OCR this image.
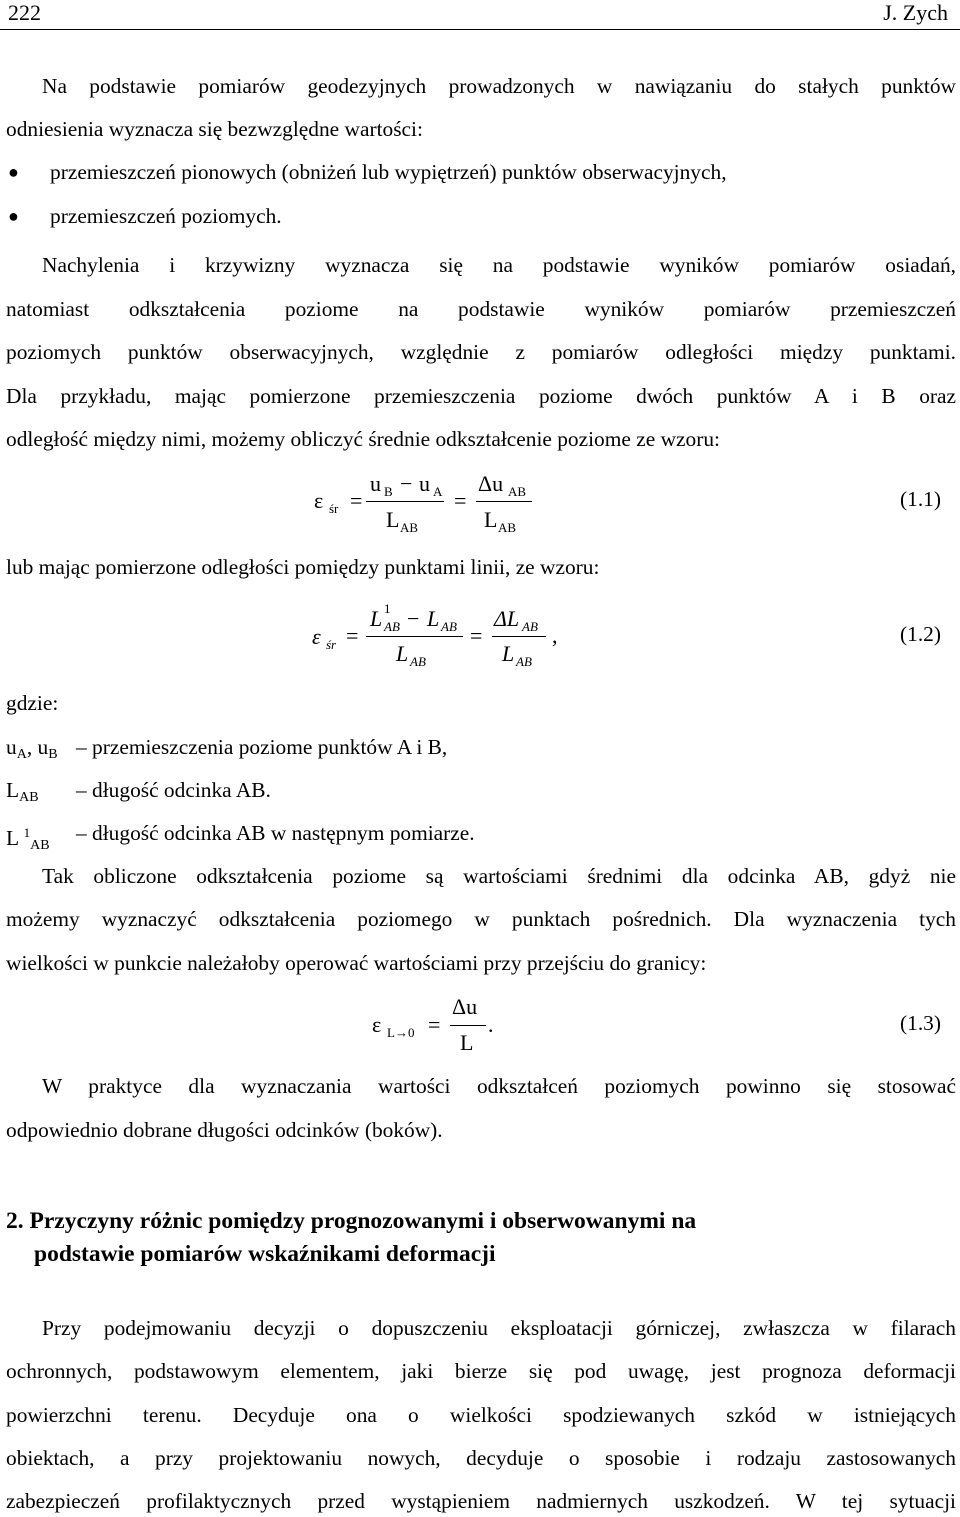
222	J. Zych
Na podstawie pomiarów geodezyjnych prowadzonych w nawiązaniu do stałych punktów
odniesienia wyznacza się bezwzględne wartości:
● przemieszczeń pionowych (obniżeń lub wypiętrzeń) punktów obserwacyjnych,
● przemieszczeń poziomych.
Nachylenia i krzywizny wyznacza się na podstawie wyników pomiarów osiadań,
natomiast odkształcenia poziome na podstawie wyników pomiarów przemieszczeń
poziomych punktów obserwacyjnych, względnie z pomiarów odległości między punktami.
Dla przykładu, mając pomierzone przemieszczenia poziome dwóch punktów A i B oraz
odległość między nimi, możemy obliczyć średnie odkształcenie poziome ze wzoru:
ε śr =
u B − u A
L AB
=
Δu AB
L AB
(1.1)
lub mając pomierzone odległości pomiędzy punktami linii, ze wzoru:
ε śr =
L 1
AB − L AB
L AB
=
ΔL AB
L AB
,	(1.2)
gdzie:
uA, uB – przemieszczenia poziome punktów A i B,
LAB – długość odcinka AB.
L $^1$AB
– długość odcinka AB w następnym pomiarze.
Tak obliczone odkształcenia poziome są wartościami średnimi dla odcinka AB, gdyż nie
możemy wyznaczyć odkształcenia poziomego w punktach pośrednich. Dla wyznaczenia tych
wielkości w punkcie należałoby operować wartościami przy przejściu do granicy:
ε L→0 =
Δu
L
.	(1.3)
W praktyce dla wyznaczania wartości odkształceń poziomych powinno się stosować
odpowiednio dobrane długości odcinków (boków).
2. Przyczyny różnic pomiędzy prognozowanymi i obserwowanymi na
podstawie pomiarów wskaźnikami deformacji
Przy podejmowaniu decyzji o dopuszczeniu eksploatacji górniczej, zwłaszcza w filarach
ochronnych, podstawowym elementem, jaki bierze się pod uwagę, jest prognoza deformacji
powierzchni terenu. Decyduje ona o wielkości spodziewanych szkód w istniejących
obiektach, a przy projektowaniu nowych, decyduje o sposobie i rodzaju zastosowanych
zabezpieczeń profilaktycznych przed wystąpieniem nadmiernych uszkodzeń. W tej sytuacji
